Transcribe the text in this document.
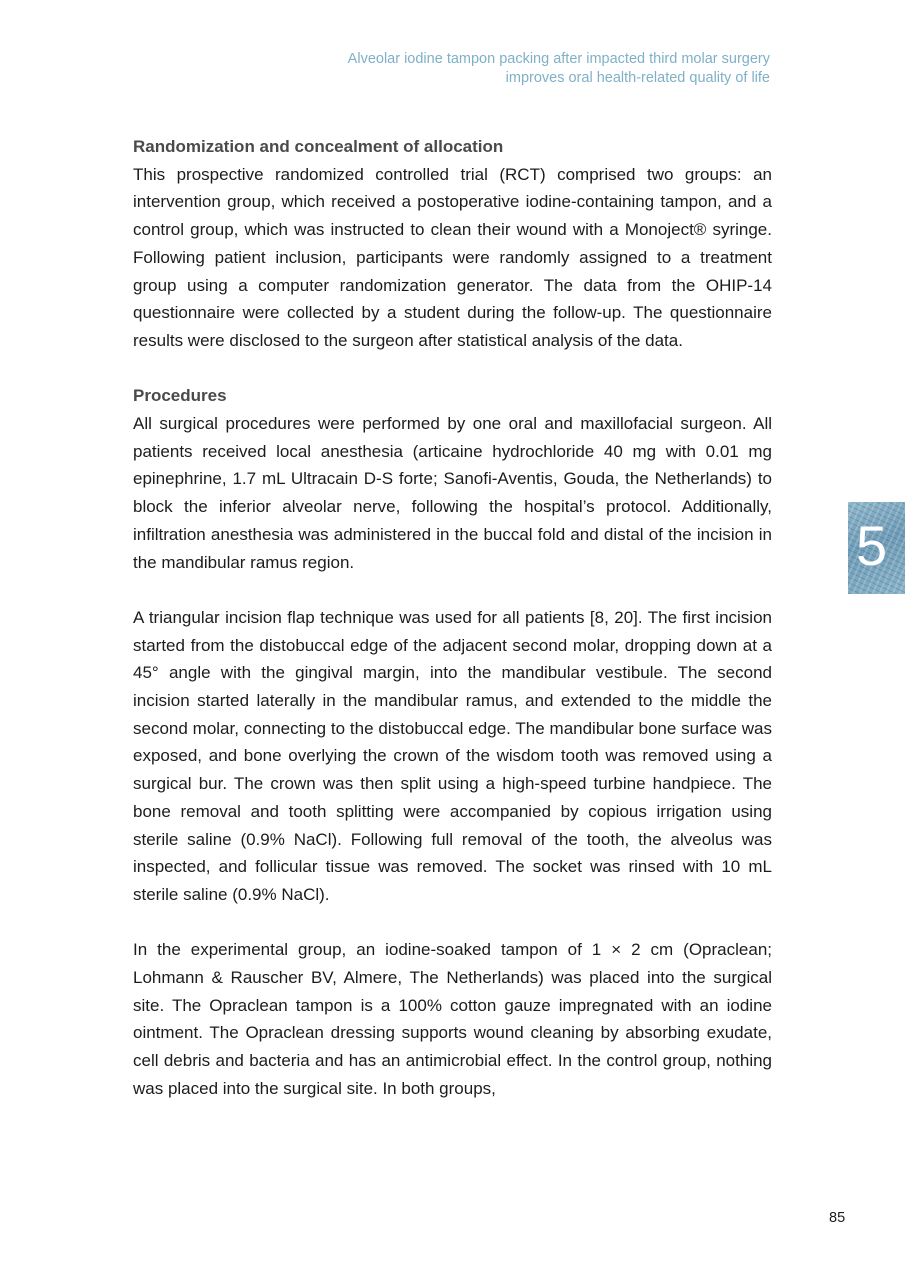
Alveolar iodine tampon packing after impacted third molar surgery
improves oral health-related quality of life
Randomization and concealment of allocation

This prospective randomized controlled trial (RCT) comprised two groups: an intervention group, which received a postoperative iodine-containing tampon, and a control group, which was instructed to clean their wound with a Monoject® syringe. Following patient inclusion, participants were randomly assigned to a treatment group using a computer randomization generator. The data from the OHIP-14 questionnaire were collected by a student during the follow-up. The questionnaire results were disclosed to the surgeon after statistical analysis of the data.

Procedures

All surgical procedures were performed by one oral and maxillofacial surgeon. All patients received local anesthesia (articaine hydrochloride 40 mg with 0.01 mg epinephrine, 1.7 mL Ultracain D-S forte; Sanofi-Aventis, Gouda, the Netherlands) to block the inferior alveolar nerve, following the hospital’s protocol. Additionally, infiltration anesthesia was administered in the buccal fold and distal of the incision in the mandibular ramus region.

A triangular incision flap technique was used for all patients [8, 20]. The first incision started from the distobuccal edge of the adjacent second molar, dropping down at a 45° angle with the gingival margin, into the mandibular vestibule. The second incision started laterally in the mandibular ramus, and extended to the middle the second molar, connecting to the distobuccal edge. The mandibular bone surface was exposed, and bone overlying the crown of the wisdom tooth was removed using a surgical bur. The crown was then split using a high-speed turbine handpiece. The bone removal and tooth splitting were accompanied by copious irrigation using sterile saline (0.9% NaCl). Following full removal of the tooth, the alveolus was inspected, and follicular tissue was removed. The socket was rinsed with 10 mL sterile saline (0.9% NaCl).

In the experimental group, an iodine-soaked tampon of 1 × 2 cm (Opraclean; Lohmann & Rauscher BV, Almere, The Netherlands) was placed into the surgical site. The Opraclean tampon is a 100% cotton gauze impregnated with an iodine ointment. The Opraclean dressing supports wound cleaning by absorbing exudate, cell debris and bacteria and has an antimicrobial effect. In the control group, nothing was placed into the surgical site. In both groups,

5
85
